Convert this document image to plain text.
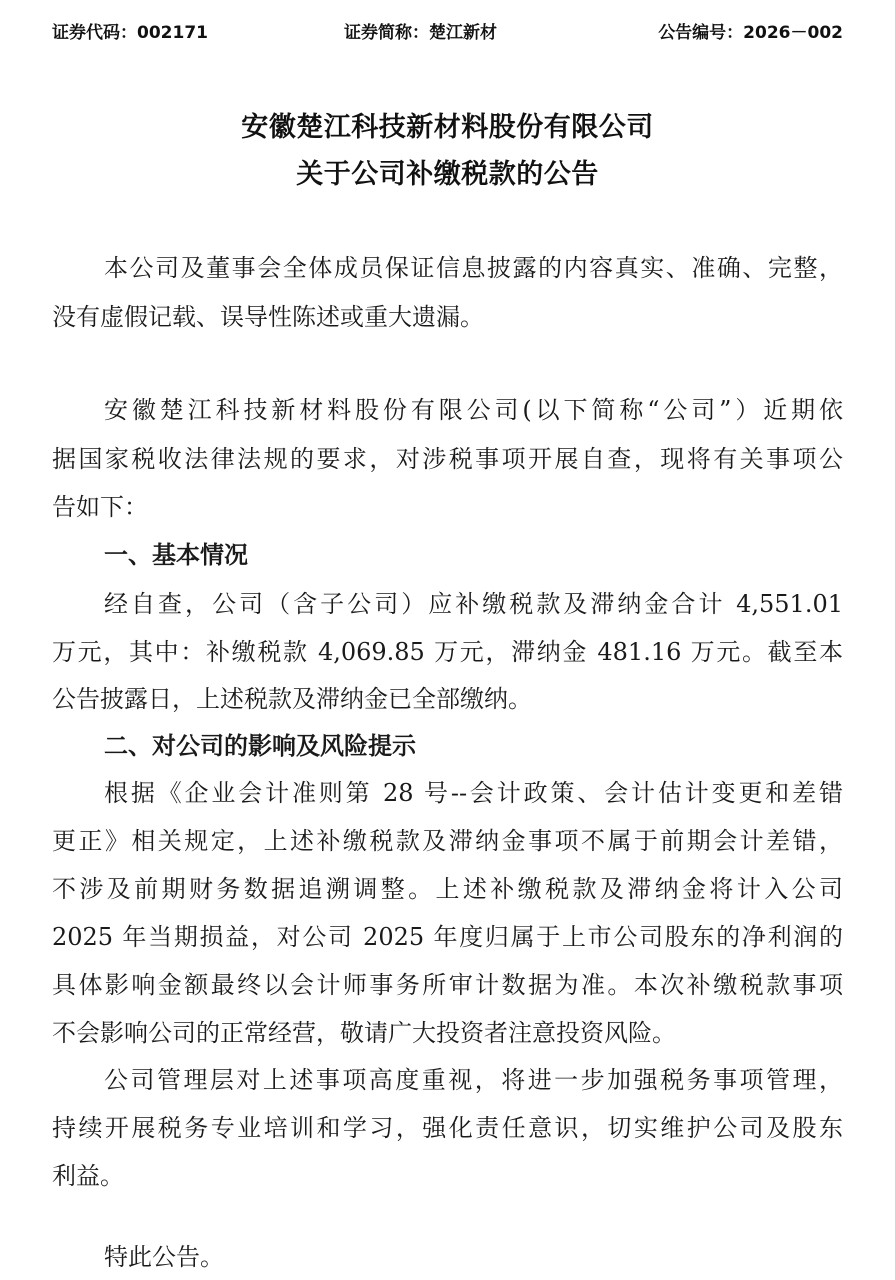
证券代码：002171	证券简称：楚江新材	公告编号：2026－002
安徽楚江科技新材料股份有限公司
关于公司补缴税款的公告
本公司及董事会全体成员保证信息披露的内容真实、准确、完整，
没有虚假记载、误导性陈述或重大遗漏。
安徽楚江科技新材料股份有限公司(以下简称“公司”）近期依
据国家税收法律法规的要求，对涉税事项开展自查，现将有关事项公
告如下：
一、基本情况
经自查，公司（含子公司）应补缴税款及滞纳金合计 4,551.01
万元，其中：补缴税款 4,069.85 万元，滞纳金 481.16 万元。截至本
公告披露日，上述税款及滞纳金已全部缴纳。
二、对公司的影响及风险提示
根据《企业会计准则第 28 号--会计政策、会计估计变更和差错
更正》相关规定，上述补缴税款及滞纳金事项不属于前期会计差错，
不涉及前期财务数据追溯调整。上述补缴税款及滞纳金将计入公司
2025 年当期损益，对公司 2025 年度归属于上市公司股东的净利润的
具体影响金额最终以会计师事务所审计数据为准。本次补缴税款事项
不会影响公司的正常经营，敬请广大投资者注意投资风险。
公司管理层对上述事项高度重视，将进一步加强税务事项管理，
持续开展税务专业培训和学习，强化责任意识，切实维护公司及股东
利益。
特此公告。
